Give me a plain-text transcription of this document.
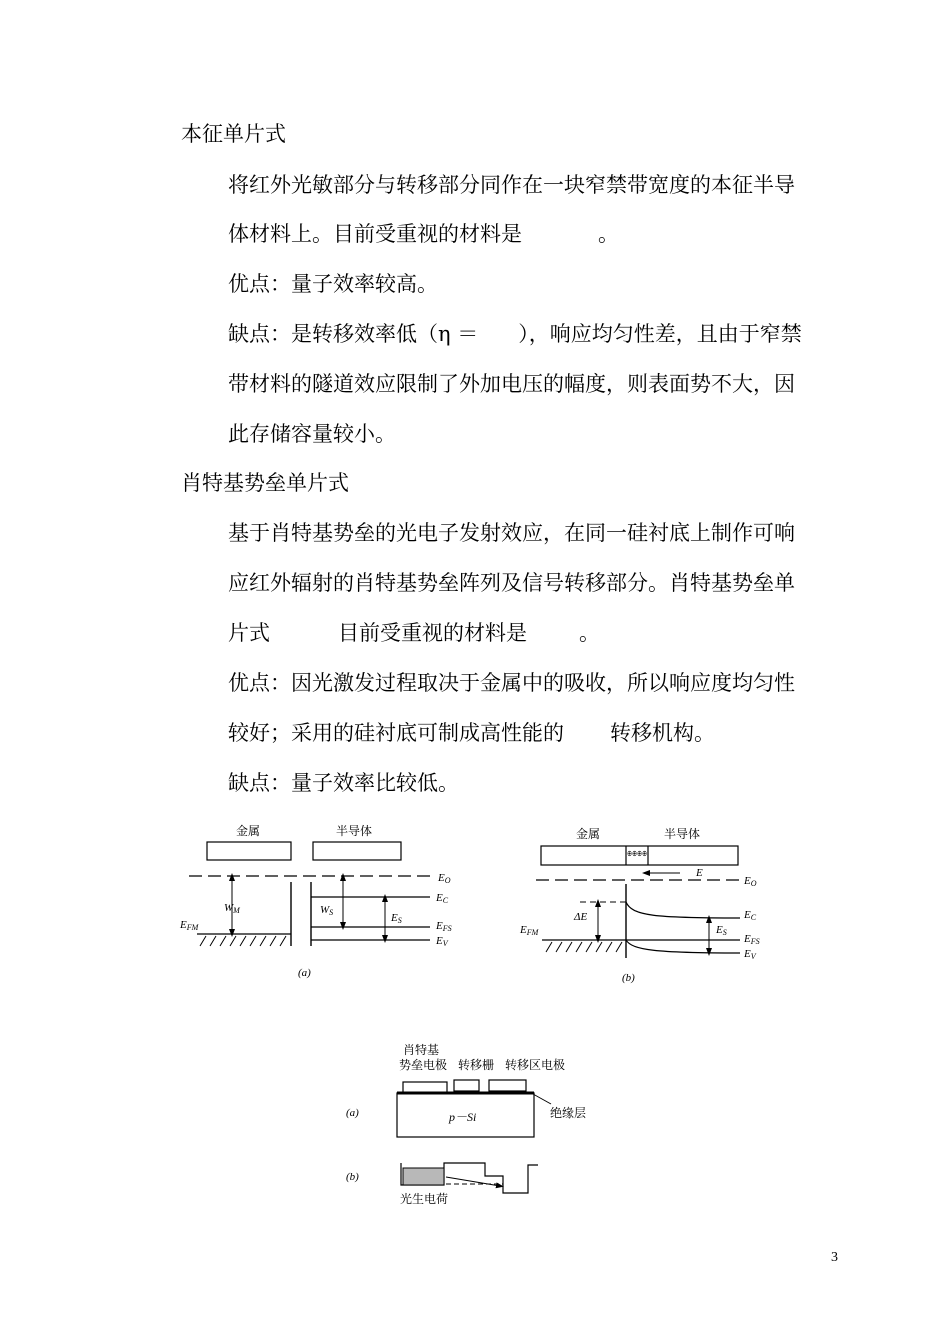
本征单片式
将红外光敏部分与转移部分同作在一块窄禁带宽度的本征半导
体材料上。目前受重视的材料是	。
优点：量子效率较高。
缺点：是转移效率低（η ＝ ），响应均匀性差，且由于窄禁
带材料的隧道效应限制了外加电压的幅度，则表面势不大，因
此存储容量较小。
肖特基势垒单片式
基于肖特基势垒的光电子发射效应，在同一硅衬底上制作可响
应红外辐射的肖特基势垒阵列及信号转移部分。肖特基势垒单
片式	目前受重视的材料是 。
优点：因光激发过程取决于金属中的吸收，所以响应度均匀性
较好；采用的硅衬底可制成高性能的 转移机构。
缺点：量子效率比较低。
金属	半导体
EO
EFM
WM	WS	ES
EC
EFS
EV
(a)
金属	半导体
⊕⊕⊕⊕
E
EO
EFM
ΔE
ES
EC
EFS
EV
(b)
肖特基
势垒电极 转移栅 转移区电极
绝缘层
p－Si
(a)
(b)
光生电荷
3
